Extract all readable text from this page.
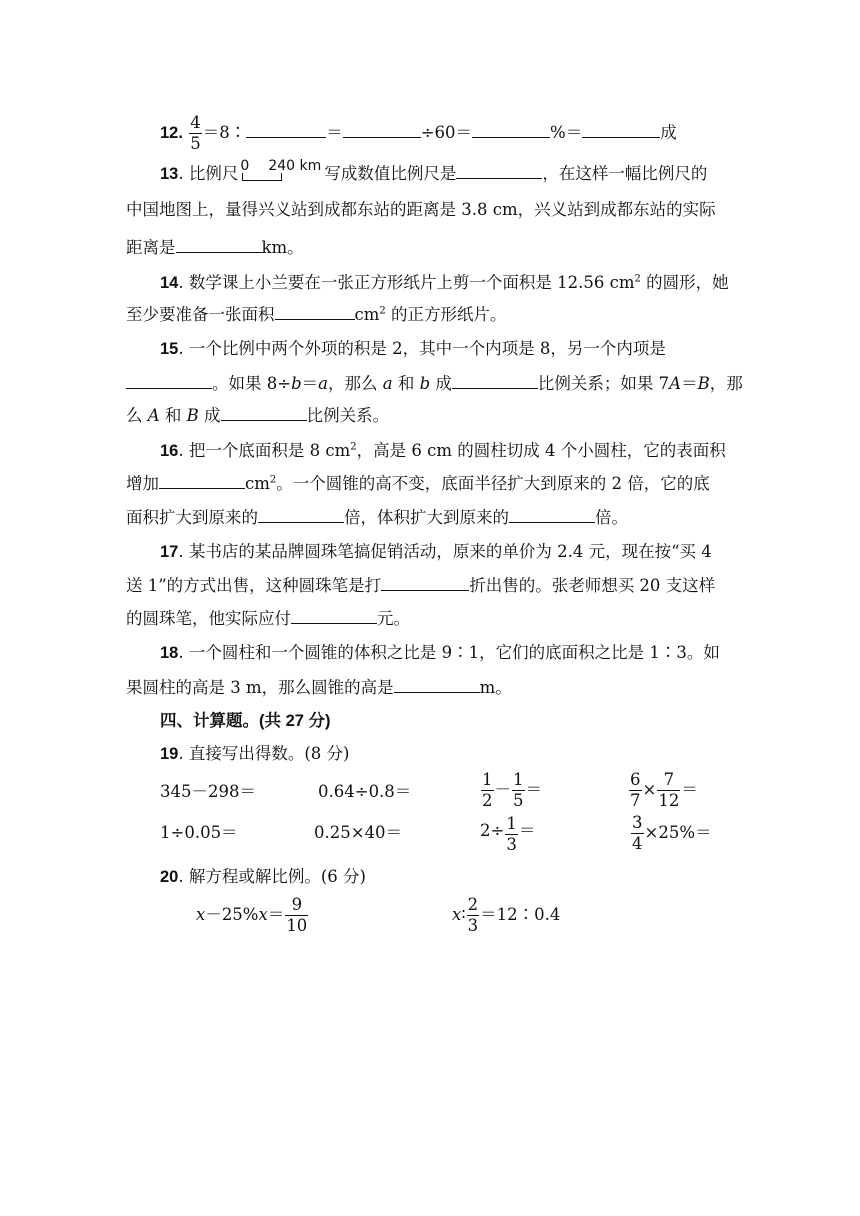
12. $\frac{4}{5}$ ＝8∶	＝	÷60＝	%＝	成
13. 比例尺 0 240 km 写成数值比例尺是	，在这样一幅比例尺的
中国地图上，量得兴义站到成都东站的距离是 3.8 cm，兴义站到成都东站的实际
距离是	km。
14. 数学课上小兰要在一张正方形纸片上剪一个面积是 12.56 $cm^2$ 的圆形，她
至少要准备一张面积	$cm^2$ 的正方形纸片。
15. 一个比例中两个外项的积是 2，其中一个内项是 8，另一个内项是
。如果 8÷b＝a，那么 a 和 b 成	比例关系；如果 7A＝B，那
么 A 和 B 成	比例关系。
16. 把一个底面积是 8 $cm^2$，高是 6 cm 的圆柱切成 4 个小圆柱，它的表面积
增加	$cm^2$。一个圆锥的高不变，底面半径扩大到原来的 2 倍，它的底
面积扩大到原来的	倍，体积扩大到原来的	倍。
17. 某书店的某品牌圆珠笔搞促销活动，原来的单价为 2.4 元，现在按“买 4
送 1”的方式出售，这种圆珠笔是打	折出售的。张老师想买 20 支这样
的圆珠笔，他实际应付	元。
18. 一个圆柱和一个圆锥的体积之比是 9∶1，它们的底面积之比是 1∶3。如
果圆柱的高是 3 m，那么圆锥的高是	m。
四、计算题。(共 27 分)
19. 直接写出得数。(8 分)
345－298＝	0.64÷0.8＝	$\frac{1}{2} - \frac{1}{5}$ ＝	$\frac{6}{7} \times \frac{7}{12}$ ＝
1÷0.05＝	0.25×40＝	$2\div \frac{1}{3}$ ＝	$\frac{3}{4} \times 25\%=$
20. 解方程或解比例。(6 分)
$x-25\%x= \frac{9}{10}$	x∶ $\frac{2}{3}$ ＝12∶0.4
